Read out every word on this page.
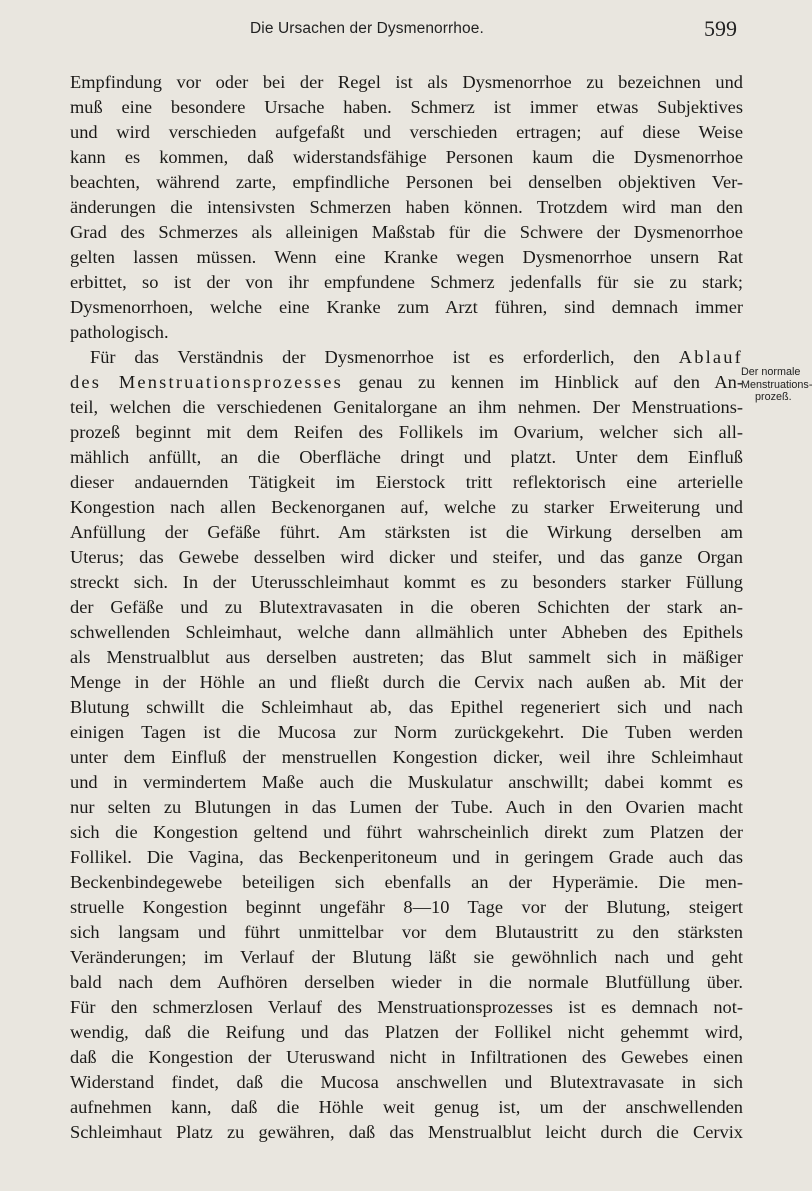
Die Ursachen der Dysmenorrhoe.	599
Empfindung vor oder bei der Regel ist als Dysmenorrhoe zu bezeichnen und
muß eine besondere Ursache haben. Schmerz ist immer etwas Subjektives
und wird verschieden aufgefaßt und verschieden ertragen; auf diese Weise
kann es kommen, daß widerstandsfähige Personen kaum die Dysmenorrhoe
beachten, während zarte, empfindliche Personen bei denselben objektiven Ver-
änderungen die intensivsten Schmerzen haben können. Trotzdem wird man den
Grad des Schmerzes als alleinigen Maßstab für die Schwere der Dysmenorrhoe
gelten lassen müssen. Wenn eine Kranke wegen Dysmenorrhoe unsern Rat
erbittet, so ist der von ihr empfundene Schmerz jedenfalls für sie zu stark;
Dysmenorrhoen, welche eine Kranke zum Arzt führen, sind demnach immer
pathologisch.
Für das Verständnis der Dysmenorrhoe ist es erforderlich, den Ablauf
des Menstruationsprozesses genau zu kennen im Hinblick auf den An-
teil, welchen die verschiedenen Genitalorgane an ihm nehmen. Der Menstruations-
prozeß beginnt mit dem Reifen des Follikels im Ovarium, welcher sich all-
mählich anfüllt, an die Oberfläche dringt und platzt. Unter dem Einfluß
dieser andauernden Tätigkeit im Eierstock tritt reflektorisch eine arterielle
Kongestion nach allen Beckenorganen auf, welche zu starker Erweiterung und
Anfüllung der Gefäße führt. Am stärksten ist die Wirkung derselben am
Uterus; das Gewebe desselben wird dicker und steifer, und das ganze Organ
streckt sich. In der Uterusschleimhaut kommt es zu besonders starker Füllung
der Gefäße und zu Blutextravasaten in die oberen Schichten der stark an-
schwellenden Schleimhaut, welche dann allmählich unter Abheben des Epithels
als Menstrualblut aus derselben austreten; das Blut sammelt sich in mäßiger
Menge in der Höhle an und fließt durch die Cervix nach außen ab. Mit der
Blutung schwillt die Schleimhaut ab, das Epithel regeneriert sich und nach
einigen Tagen ist die Mucosa zur Norm zurückgekehrt. Die Tuben werden
unter dem Einfluß der menstruellen Kongestion dicker, weil ihre Schleimhaut
und in vermindertem Maße auch die Muskulatur anschwillt; dabei kommt es
nur selten zu Blutungen in das Lumen der Tube. Auch in den Ovarien macht
sich die Kongestion geltend und führt wahrscheinlich direkt zum Platzen der
Follikel. Die Vagina, das Beckenperitoneum und in geringem Grade auch das
Beckenbindegewebe beteiligen sich ebenfalls an der Hyperämie. Die men-
struelle Kongestion beginnt ungefähr 8—10 Tage vor der Blutung, steigert
sich langsam und führt unmittelbar vor dem Blutaustritt zu den stärksten
Veränderungen; im Verlauf der Blutung läßt sie gewöhnlich nach und geht
bald nach dem Aufhören derselben wieder in die normale Blutfüllung über.
Für den schmerzlosen Verlauf des Menstruationsprozesses ist es demnach not-
wendig, daß die Reifung und das Platzen der Follikel nicht gehemmt wird,
daß die Kongestion der Uteruswand nicht in Infiltrationen des Gewebes einen
Widerstand findet, daß die Mucosa anschwellen und Blutextravasate in sich
aufnehmen kann, daß die Höhle weit genug ist, um der anschwellenden
Schleimhaut Platz zu gewähren, daß das Menstrualblut leicht durch die Cervix
Der normale
Menstruations-
prozeß.
